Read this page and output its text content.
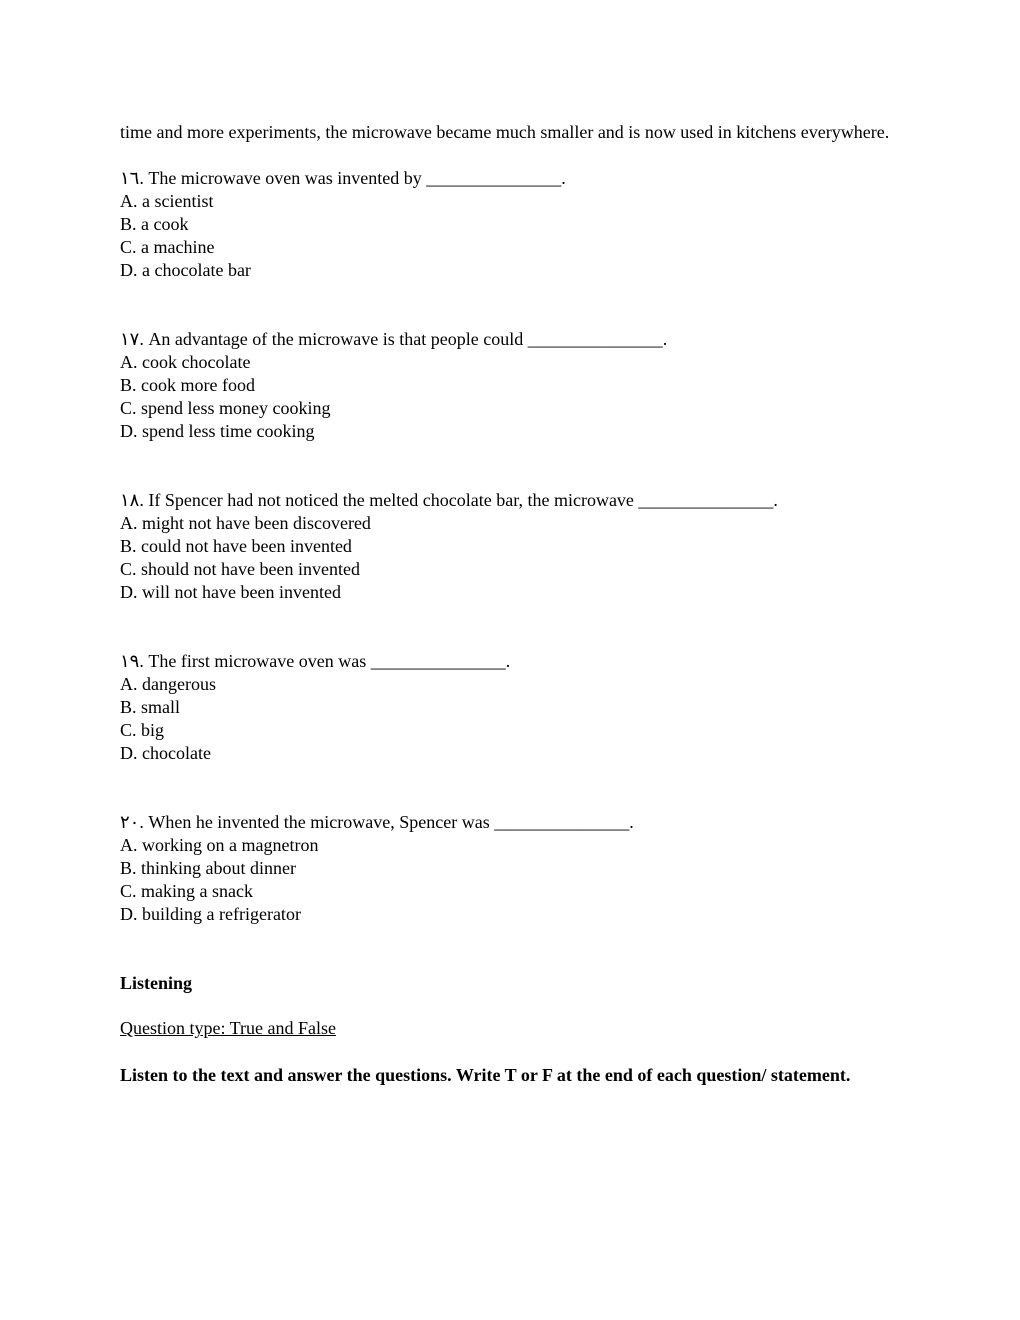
time and more experiments, the microwave became much smaller and is now used in kitchens everywhere.
١٦. The microwave oven was invented by _______________.
A. a scientist
B. a cook
C. a machine
D. a chocolate bar
١٧. An advantage of the microwave is that people could _______________.
A. cook chocolate
B. cook more food
C. spend less money cooking
D. spend less time cooking
١٨. If Spencer had not noticed the melted chocolate bar, the microwave _______________.
A. might not have been discovered
B. could not have been invented
C. should not have been invented
D. will not have been invented
١٩. The first microwave oven was _______________.
A. dangerous
B. small
C. big
D. chocolate
٢٠. When he invented the microwave, Spencer was _______________.
A. working on a magnetron
B. thinking about dinner
C. making a snack
D. building a refrigerator
Listening
Question type: True and False
Listen to the text and answer the questions. Write T or F at the end of each question/ statement.
